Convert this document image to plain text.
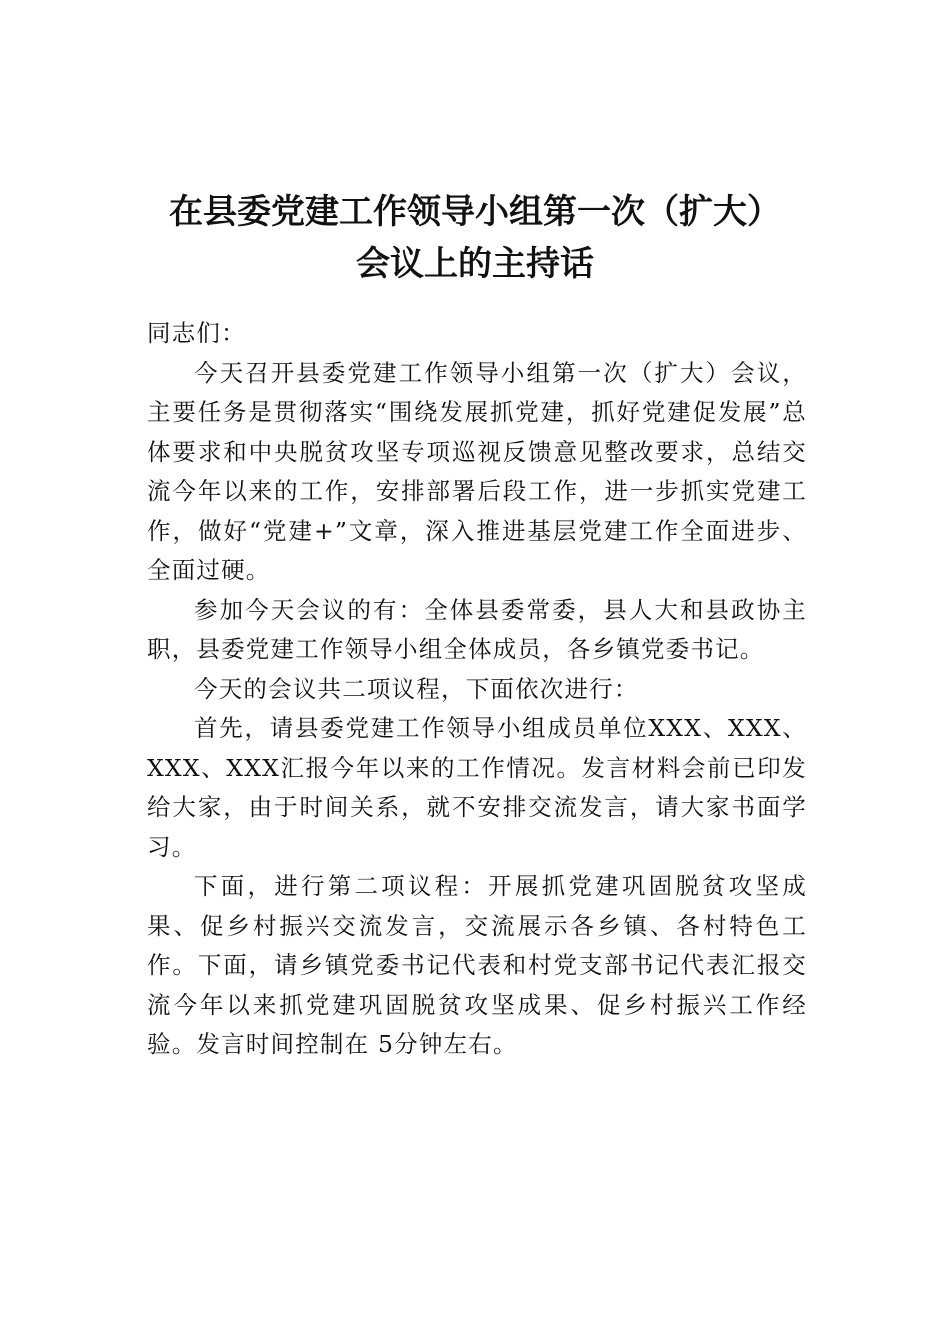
在县委党建工作领导小组第一次（扩大）
会议上的主持话

同志们：

今天召开县委党建工作领导小组第一次（扩大）会议，主要任务是贯彻落实“围绕发展抓党建，抓好党建促发展”总体要求和中央脱贫攻坚专项巡视反馈意见整改要求，总结交流今年以来的工作，安排部署后段工作，进一步抓实党建工作，做好“党建+”文章，深入推进基层党建工作全面进步、全面过硬。

参加今天会议的有：全体县委常委，县人大和县政协主职，县委党建工作领导小组全体成员，各乡镇党委书记。

今天的会议共二项议程，下面依次进行：

首先，请县委党建工作领导小组成员单位XXX、XXX、XXX、XXX汇报今年以来的工作情况。发言材料会前已印发给大家，由于时间关系，就不安排交流发言，请大家书面学习。

下面，进行第二项议程：开展抓党建巩固脱贫攻坚成果、促乡村振兴交流发言，交流展示各乡镇、各村特色工作。下面，请乡镇党委书记代表和村党支部书记代表汇报交流今年以来抓党建巩固脱贫攻坚成果、促乡村振兴工作经验。发言时间控制在 5分钟左右。
